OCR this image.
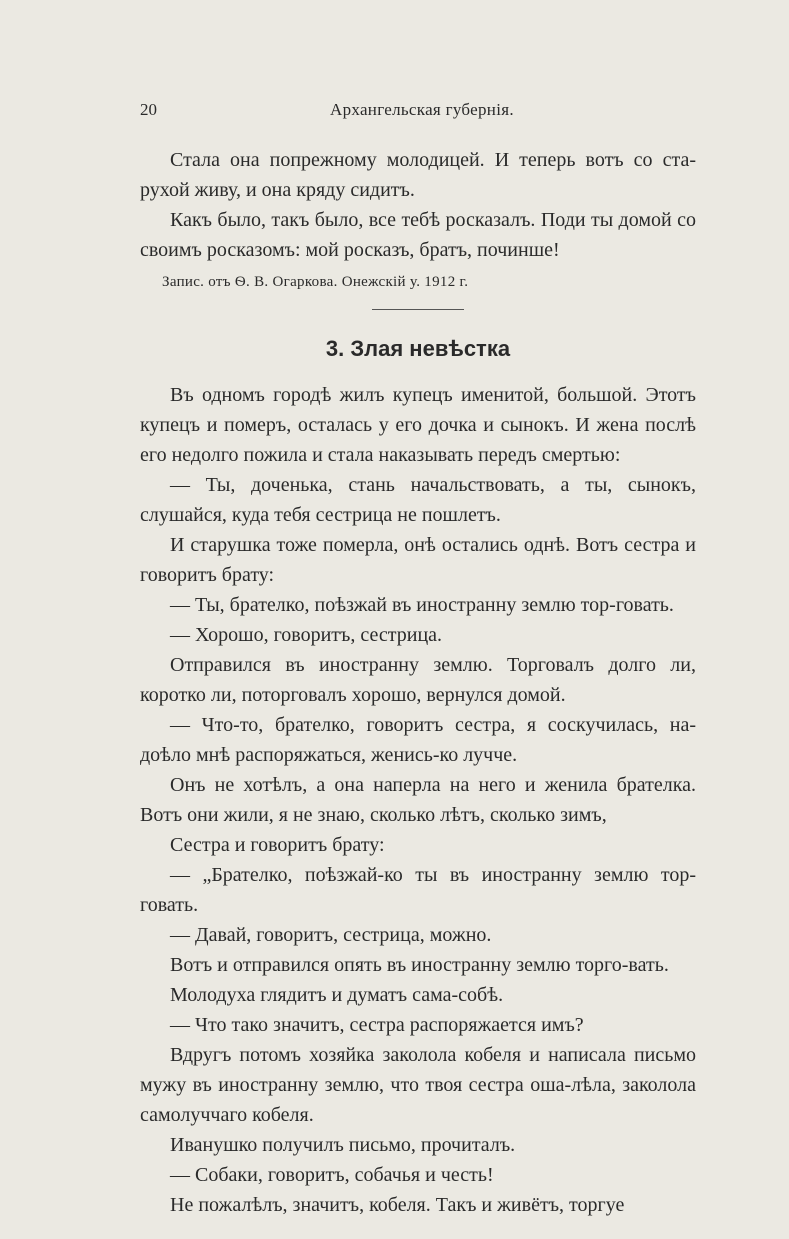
20	Архангельская губернія.

Стала она попрежному молодицей. И теперь вотъ со ста-рухой живу, и она кряду сидитъ.

Какъ было, такъ было, все тебѣ росказалъ. Поди ты домой со своимъ росказомъ: мой росказъ, братъ, починше!

Запис. отъ Ѳ. В. Огаркова. Онежскій у. 1912 г.

3. Злая невѣстка

Въ одномъ городѣ жилъ купецъ именитой, большой. Этотъ купецъ и померъ, осталась у его дочка и сынокъ. И жена послѣ его недолго пожила и стала наказывать передъ смертью:

— Ты, доченька, стань начальствовать, а ты, сынокъ, слушайся, куда тебя сестрица не пошлетъ.

И старушка тоже померла, онѣ остались однѣ. Вотъ сестра и говоритъ брату:

— Ты, брателко, поѣзжай въ иностранну землю тор-говать.

— Хорошо, говоритъ, сестрица.

Отправился въ иностранну землю. Торговалъ долго ли, коротко ли, поторговалъ хорошо, вернулся домой.

— Что-то, брателко, говоритъ сестра, я соскучилась, на-доѣло мнѣ распоряжаться, женись-ко лучче.

Онъ не хотѣлъ, а она наперла на него и женила брателка. Вотъ они жили, я не знаю, сколько лѣтъ, сколько зимъ,

Сестра и говоритъ брату:

— „Брателко, поѣзжай-ко ты въ иностранну землю тор-говать.

— Давай, говоритъ, сестрица, можно.

Вотъ и отправился опять въ иностранну землю торго-вать.

Молодуха глядитъ и думатъ сама-собѣ.

— Что тако значитъ, сестра распоряжается имъ?

Вдругъ потомъ хозяйка заколола кобеля и написала письмо мужу въ иностранну землю, что твоя сестра оша-лѣла, заколола самолуччаго кобеля.

Иванушко получилъ письмо, прочиталъ.

— Собаки, говоритъ, собачья и честь!

Не пожалѣлъ, значитъ, кобеля. Такъ и живётъ, торгуе
